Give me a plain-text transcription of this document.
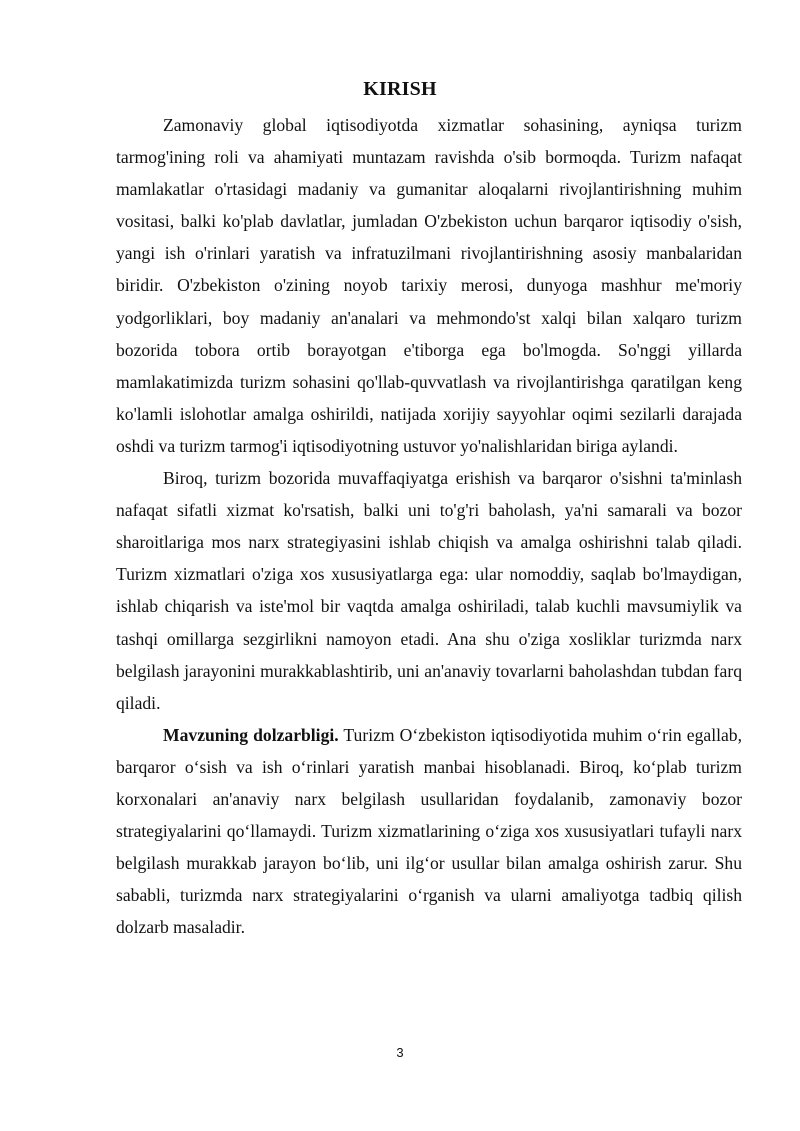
KIRISH

Zamonaviy global iqtisodiyotda xizmatlar sohasining, ayniqsa turizm tarmog'ining roli va ahamiyati muntazam ravishda o'sib bormoqda. Turizm nafaqat mamlakatlar o'rtasidagi madaniy va gumanitar aloqalarni rivojlantirishning muhim vositasi, balki ko'plab davlatlar, jumladan O'zbekiston uchun barqaror iqtisodiy o'sish, yangi ish o'rinlari yaratish va infratuzilmani rivojlantirishning asosiy manbalaridan biridir. O'zbekiston o'zining noyob tarixiy merosi, dunyoga mashhur me'moriy yodgorliklari, boy madaniy an'analari va mehmondo'st xalqi bilan xalqaro turizm bozorida tobora ortib borayotgan e'tiborga ega bo'lmogda. So'nggi yillarda mamlakatimizda turizm sohasini qo'llab-quvvatlash va rivojlantirishga qaratilgan keng ko'lamli islohotlar amalga oshirildi, natijada xorijiy sayyohlar oqimi sezilarli darajada oshdi va turizm tarmog'i iqtisodiyotning ustuvor yo'nalishlaridan biriga aylandi.

Biroq, turizm bozorida muvaffaqiyatga erishish va barqaror o'sishni ta'minlash nafaqat sifatli xizmat ko'rsatish, balki uni to'g'ri baholash, ya'ni samarali va bozor sharoitlariga mos narx strategiyasini ishlab chiqish va amalga oshirishni talab qiladi. Turizm xizmatlari o'ziga xos xususiyatlarga ega: ular nomoddiy, saqlab bo'lmaydigan, ishlab chiqarish va iste'mol bir vaqtda amalga oshiriladi, talab kuchli mavsumiylik va tashqi omillarga sezgirlikni namoyon etadi. Ana shu o'ziga xosliklar turizmda narx belgilash jarayonini murakkablashtirib, uni an'anaviy tovarlarni baholashdan tubdan farq qiladi.

Mavzuning dolzarbligi. Turizm O‘zbekiston iqtisodiyotida muhim o‘rin egallab, barqaror o‘sish va ish o‘rinlari yaratish manbai hisoblanadi. Biroq, ko‘plab turizm korxonalari an'anaviy narx belgilash usullaridan foydalanib, zamonaviy bozor strategiyalarini qo‘llamaydi. Turizm xizmatlarining o‘ziga xos xususiyatlari tufayli narx belgilash murakkab jarayon bo‘lib, uni ilg‘or usullar bilan amalga oshirish zarur. Shu sababli, turizmda narx strategiyalarini o‘rganish va ularni amaliyotga tadbiq qilish dolzarb masaladir.

3
